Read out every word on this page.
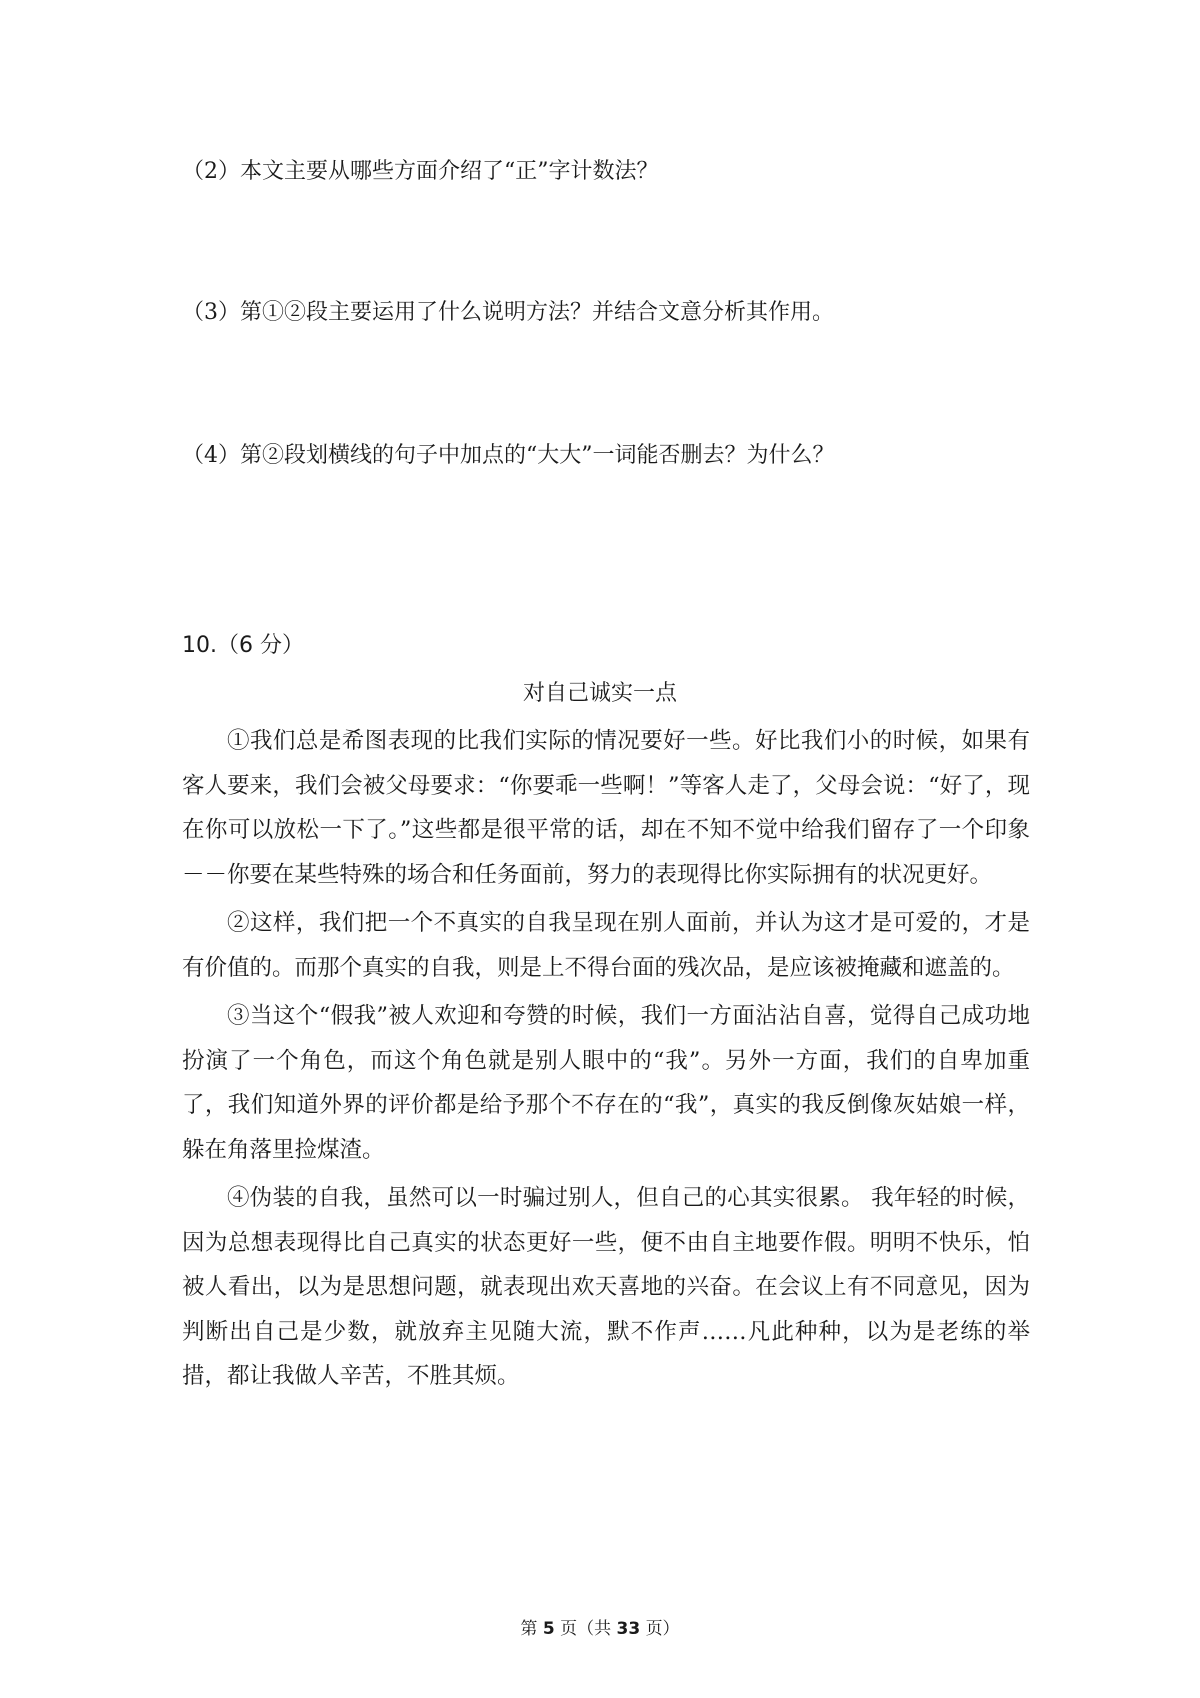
（2）本文主要从哪些方面介绍了“正”字计数法？
（3）第①②段主要运用了什么说明方法？并结合文意分析其作用。
（4）第②段划横线的句子中加点的“大大”一词能否删去？为什么？
10.（6 分）
对自己诚实一点

①我们总是希图表现的比我们实际的情况要好一些。好比我们小的时候，如果有客人要来，我们会被父母要求：“你要乖一些啊！”等客人走了，父母会说：“好了，现在你可以放松一下了。”这些都是很平常的话，却在不知不觉中给我们留存了一个印象－－你要在某些特殊的场合和任务面前，努力的表现得比你实际拥有的状况更好。

②这样，我们把一个不真实的自我呈现在别人面前，并认为这才是可爱的，才是有价值的。而那个真实的自我，则是上不得台面的残次品，是应该被掩藏和遮盖的。

③当这个“假我”被人欢迎和夸赞的时候，我们一方面沾沾自喜，觉得自己成功地扮演了一个角色，而这个角色就是别人眼中的“我”。另外一方面，我们的自卑加重了，我们知道外界的评价都是给予那个不存在的“我”，真实的我反倒像灰姑娘一样，躲在角落里捡煤渣。

④伪装的自我，虽然可以一时骗过别人，但自己的心其实很累。 我年轻的时候，因为总想表现得比自己真实的状态更好一些，便不由自主地要作假。明明不快乐，怕被人看出，以为是思想问题，就表现出欢天喜地的兴奋。在会议上有不同意见，因为判断出自己是少数，就放弃主见随大流，默不作声……凡此种种，以为是老练的举措，都让我做人辛苦，不胜其烦。

第 5 页（共 33 页）
